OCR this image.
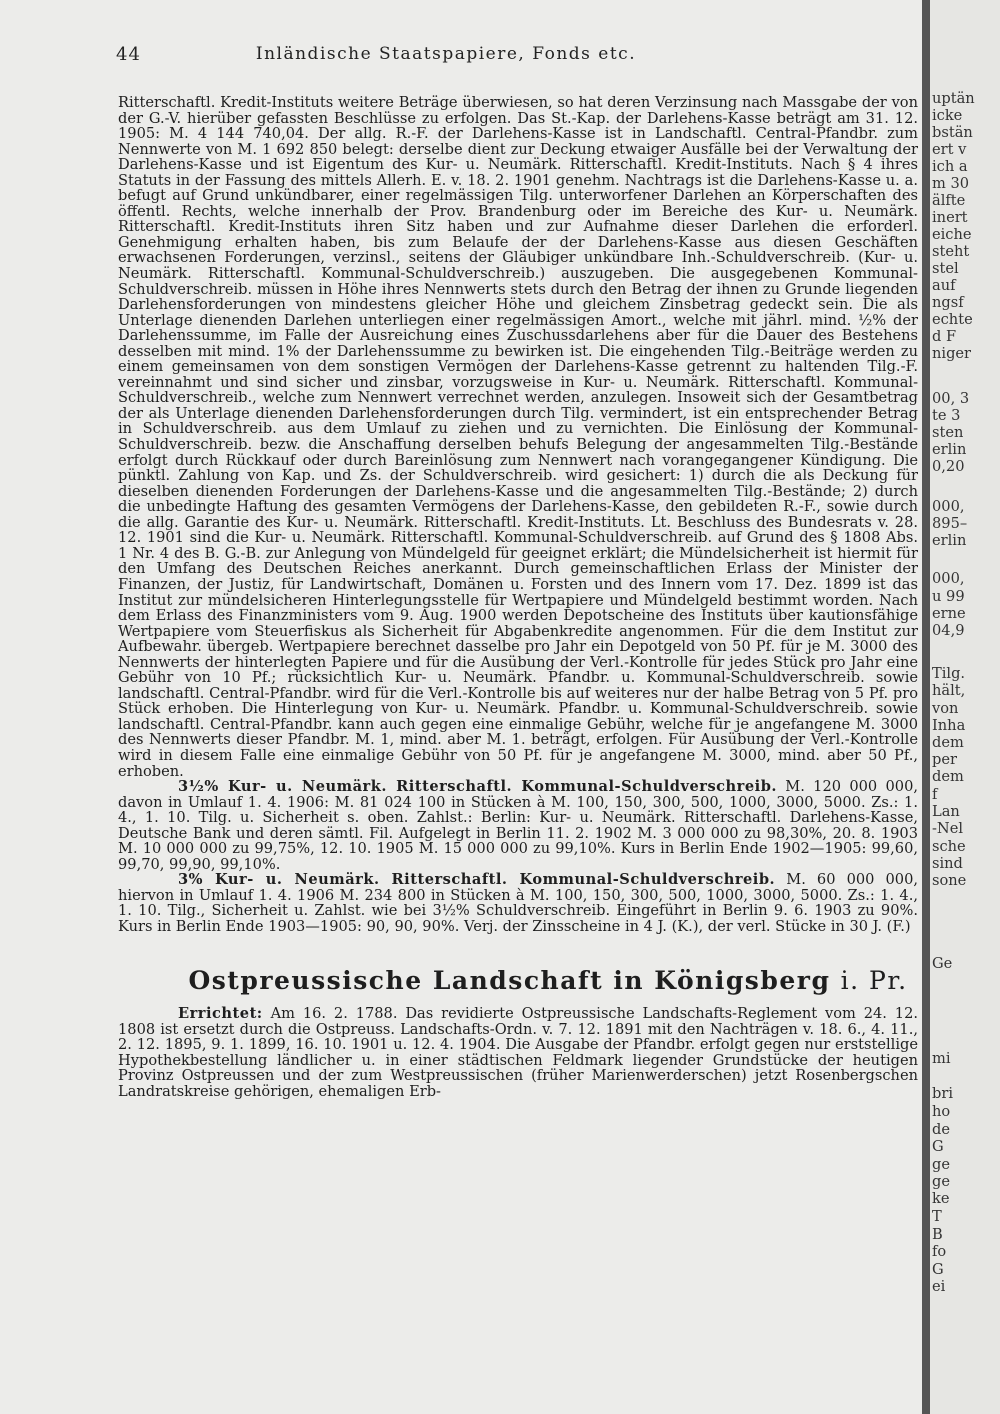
44	Inländische Staatspapiere, Fonds etc.

Ritterschaftl. Kredit-Instituts weitere Beträge überwiesen, so hat deren Verzinsung nach Massgabe der von der G.-V. hierüber gefassten Beschlüsse zu erfolgen. Das St.-Kap. der Darlehens-Kasse beträgt am 31. 12. 1905: M. 4 144 740,04. Der allg. R.-F. der Darlehens-Kasse ist in Landschaftl. Central-Pfandbr. zum Nennwerte von M. 1 692 850 belegt: derselbe dient zur Deckung etwaiger Ausfälle bei der Verwaltung der Darlehens-Kasse und ist Eigentum des Kur- u. Neumärk. Ritterschaftl. Kredit-Instituts. Nach § 4 ihres Statuts in der Fassung des mittels Allerh. E. v. 18. 2. 1901 genehm. Nachtrags ist die Darlehens-Kasse u. a. befugt auf Grund unkündbarer, einer regelmässigen Tilg. unterworfener Darlehen an Körperschaften des öffentl. Rechts, welche innerhalb der Prov. Brandenburg oder im Bereiche des Kur- u. Neumärk. Ritterschaftl. Kredit-Instituts ihren Sitz haben und zur Aufnahme dieser Darlehen die erforderl. Genehmigung erhalten haben, bis zum Belaufe der der Darlehens-Kasse aus diesen Geschäften erwachsenen Forderungen, verzinsl., seitens der Gläubiger unkündbare Inh.-Schuldverschreib. (Kur- u. Neumärk. Ritterschaftl. Kommunal-Schuldverschreib.) auszugeben. Die ausgegebenen Kommunal-Schuldverschreib. müssen in Höhe ihres Nennwerts stets durch den Betrag der ihnen zu Grunde liegenden Darlehensforderungen von mindestens gleicher Höhe und gleichem Zinsbetrag gedeckt sein. Die als Unterlage dienenden Darlehen unterliegen einer regelmässigen Amort., welche mit jährl. mind. ½% der Darlehenssumme, im Falle der Ausreichung eines Zuschussdarlehens aber für die Dauer des Bestehens desselben mit mind. 1% der Darlehenssumme zu bewirken ist. Die eingehenden Tilg.-Beiträge werden zu einem gemeinsamen von dem sonstigen Vermögen der Darlehens-Kasse getrennt zu haltenden Tilg.-F. vereinnahmt und sind sicher und zinsbar, vorzugsweise in Kur- u. Neumärk. Ritterschaftl. Kommunal-Schuldverschreib., welche zum Nennwert verrechnet werden, anzulegen. Insoweit sich der Gesamtbetrag der als Unterlage dienenden Darlehensforderungen durch Tilg. vermindert, ist ein entsprechender Betrag in Schuldverschreib. aus dem Umlauf zu ziehen und zu vernichten. Die Einlösung der Kommunal-Schuldverschreib. bezw. die Anschaffung derselben behufs Belegung der angesammelten Tilg.-Bestände erfolgt durch Rückkauf oder durch Bareinlösung zum Nennwert nach vorangegangener Kündigung. Die pünktl. Zahlung von Kap. und Zs. der Schuldverschreib. wird gesichert: 1) durch die als Deckung für dieselben dienenden Forderungen der Darlehens-Kasse und die angesammelten Tilg.-Bestände; 2) durch die unbedingte Haftung des gesamten Vermögens der Darlehens-Kasse, den gebildeten R.-F., sowie durch die allg. Garantie des Kur- u. Neumärk. Ritterschaftl. Kredit-Instituts. Lt. Beschluss des Bundesrats v. 28. 12. 1901 sind die Kur- u. Neumärk. Ritterschaftl. Kommunal-Schuldverschreib. auf Grund des § 1808 Abs. 1 Nr. 4 des B. G.-B. zur Anlegung von Mündelgeld für geeignet erklärt; die Mündelsicherheit ist hiermit für den Umfang des Deutschen Reiches anerkannt. Durch gemeinschaftlichen Erlass der Minister der Finanzen, der Justiz, für Landwirtschaft, Domänen u. Forsten und des Innern vom 17. Dez. 1899 ist das Institut zur mündelsicheren Hinterlegungsstelle für Wertpapiere und Mündelgeld bestimmt worden. Nach dem Erlass des Finanzministers vom 9. Aug. 1900 werden Depotscheine des Instituts über kautionsfähige Wertpapiere vom Steuerfiskus als Sicherheit für Abgabenkredite angenommen. Für die dem Institut zur Aufbewahr. übergeb. Wertpapiere berechnet dasselbe pro Jahr ein Depotgeld von 50 Pf. für je M. 3000 des Nennwerts der hinterlegten Papiere und für die Ausübung der Verl.-Kontrolle für jedes Stück pro Jahr eine Gebühr von 10 Pf.; rücksichtlich Kur- u. Neumärk. Pfandbr. u. Kommunal-Schuldverschreib. sowie landschaftl. Central-Pfandbr. wird für die Verl.-Kontrolle bis auf weiteres nur der halbe Betrag von 5 Pf. pro Stück erhoben. Die Hinterlegung von Kur- u. Neumärk. Pfandbr. u. Kommunal-Schuldverschreib. sowie landschaftl. Central-Pfandbr. kann auch gegen eine einmalige Gebühr, welche für je angefangene M. 3000 des Nennwerts dieser Pfandbr. M. 1, mind. aber M. 1. beträgt, erfolgen. Für Ausübung der Verl.-Kontrolle wird in diesem Falle eine einmalige Gebühr von 50 Pf. für je angefangene M. 3000, mind. aber 50 Pf., erhoben.

3½% Kur- u. Neumärk. Ritterschaftl. Kommunal-Schuldverschreib. M. 120 000 000, davon in Umlauf 1. 4. 1906: M. 81 024 100 in Stücken à M. 100, 150, 300, 500, 1000, 3000, 5000. Zs.: 1. 4., 1. 10. Tilg. u. Sicherheit s. oben. Zahlst.: Berlin: Kur- u. Neumärk. Ritterschaftl. Darlehens-Kasse, Deutsche Bank und deren sämtl. Fil. Aufgelegt in Berlin 11. 2. 1902 M. 3 000 000 zu 98,30%, 20. 8. 1903 M. 10 000 000 zu 99,75%, 12. 10. 1905 M. 15 000 000 zu 99,10%. Kurs in Berlin Ende 1902—1905: 99,60, 99,70, 99,90, 99,10%.

3% Kur- u. Neumärk. Ritterschaftl. Kommunal-Schuldverschreib. M. 60 000 000, hiervon in Umlauf 1. 4. 1906 M. 234 800 in Stücken à M. 100, 150, 300, 500, 1000, 3000, 5000. Zs.: 1. 4., 1. 10. Tilg., Sicherheit u. Zahlst. wie bei 3½% Schuldverschreib. Eingeführt in Berlin 9. 6. 1903 zu 90%. Kurs in Berlin Ende 1903—1905: 90, 90, 90%. Verj. der Zinsscheine in 4 J. (K.), der verl. Stücke in 30 J. (F.)

Ostpreussische Landschaft in Königsberg i. Pr.

Errichtet: Am 16. 2. 1788. Das revidierte Ostpreussische Landschafts-Reglement vom 24. 12. 1808 ist ersetzt durch die Ostpreuss. Landschafts-Ordn. v. 7. 12. 1891 mit den Nachträgen v. 18. 6., 4. 11., 2. 12. 1895, 9. 1. 1899, 16. 10. 1901 u. 12. 4. 1904. Die Ausgabe der Pfandbr. erfolgt gegen nur erststellige Hypothekbestellung ländlicher u. in einer städtischen Feldmark liegender Grundstücke der heutigen Provinz Ostpreussen und der zum Westpreussischen (früher Marienwerderschen) jetzt Rosenbergschen Landratskreise gehörigen, ehemaligen Erb-

uptän
icke
bstän
ert v
ich a
m 30
älfte
inert
eiche
steht
stel
auf
ngsf
echte
d F
niger
00, 3
te 3
sten
erlin
0,20
000,
895–
erlin
000,
u 99
erne
04,9
Tilg.
hält,
von
Inha
dem
per
dem
f
Lan
-Nel
sche
sind
sone
Ge
mi
bri
ho
de
G
ge
ge
ke
T
B
fo
G
ei
